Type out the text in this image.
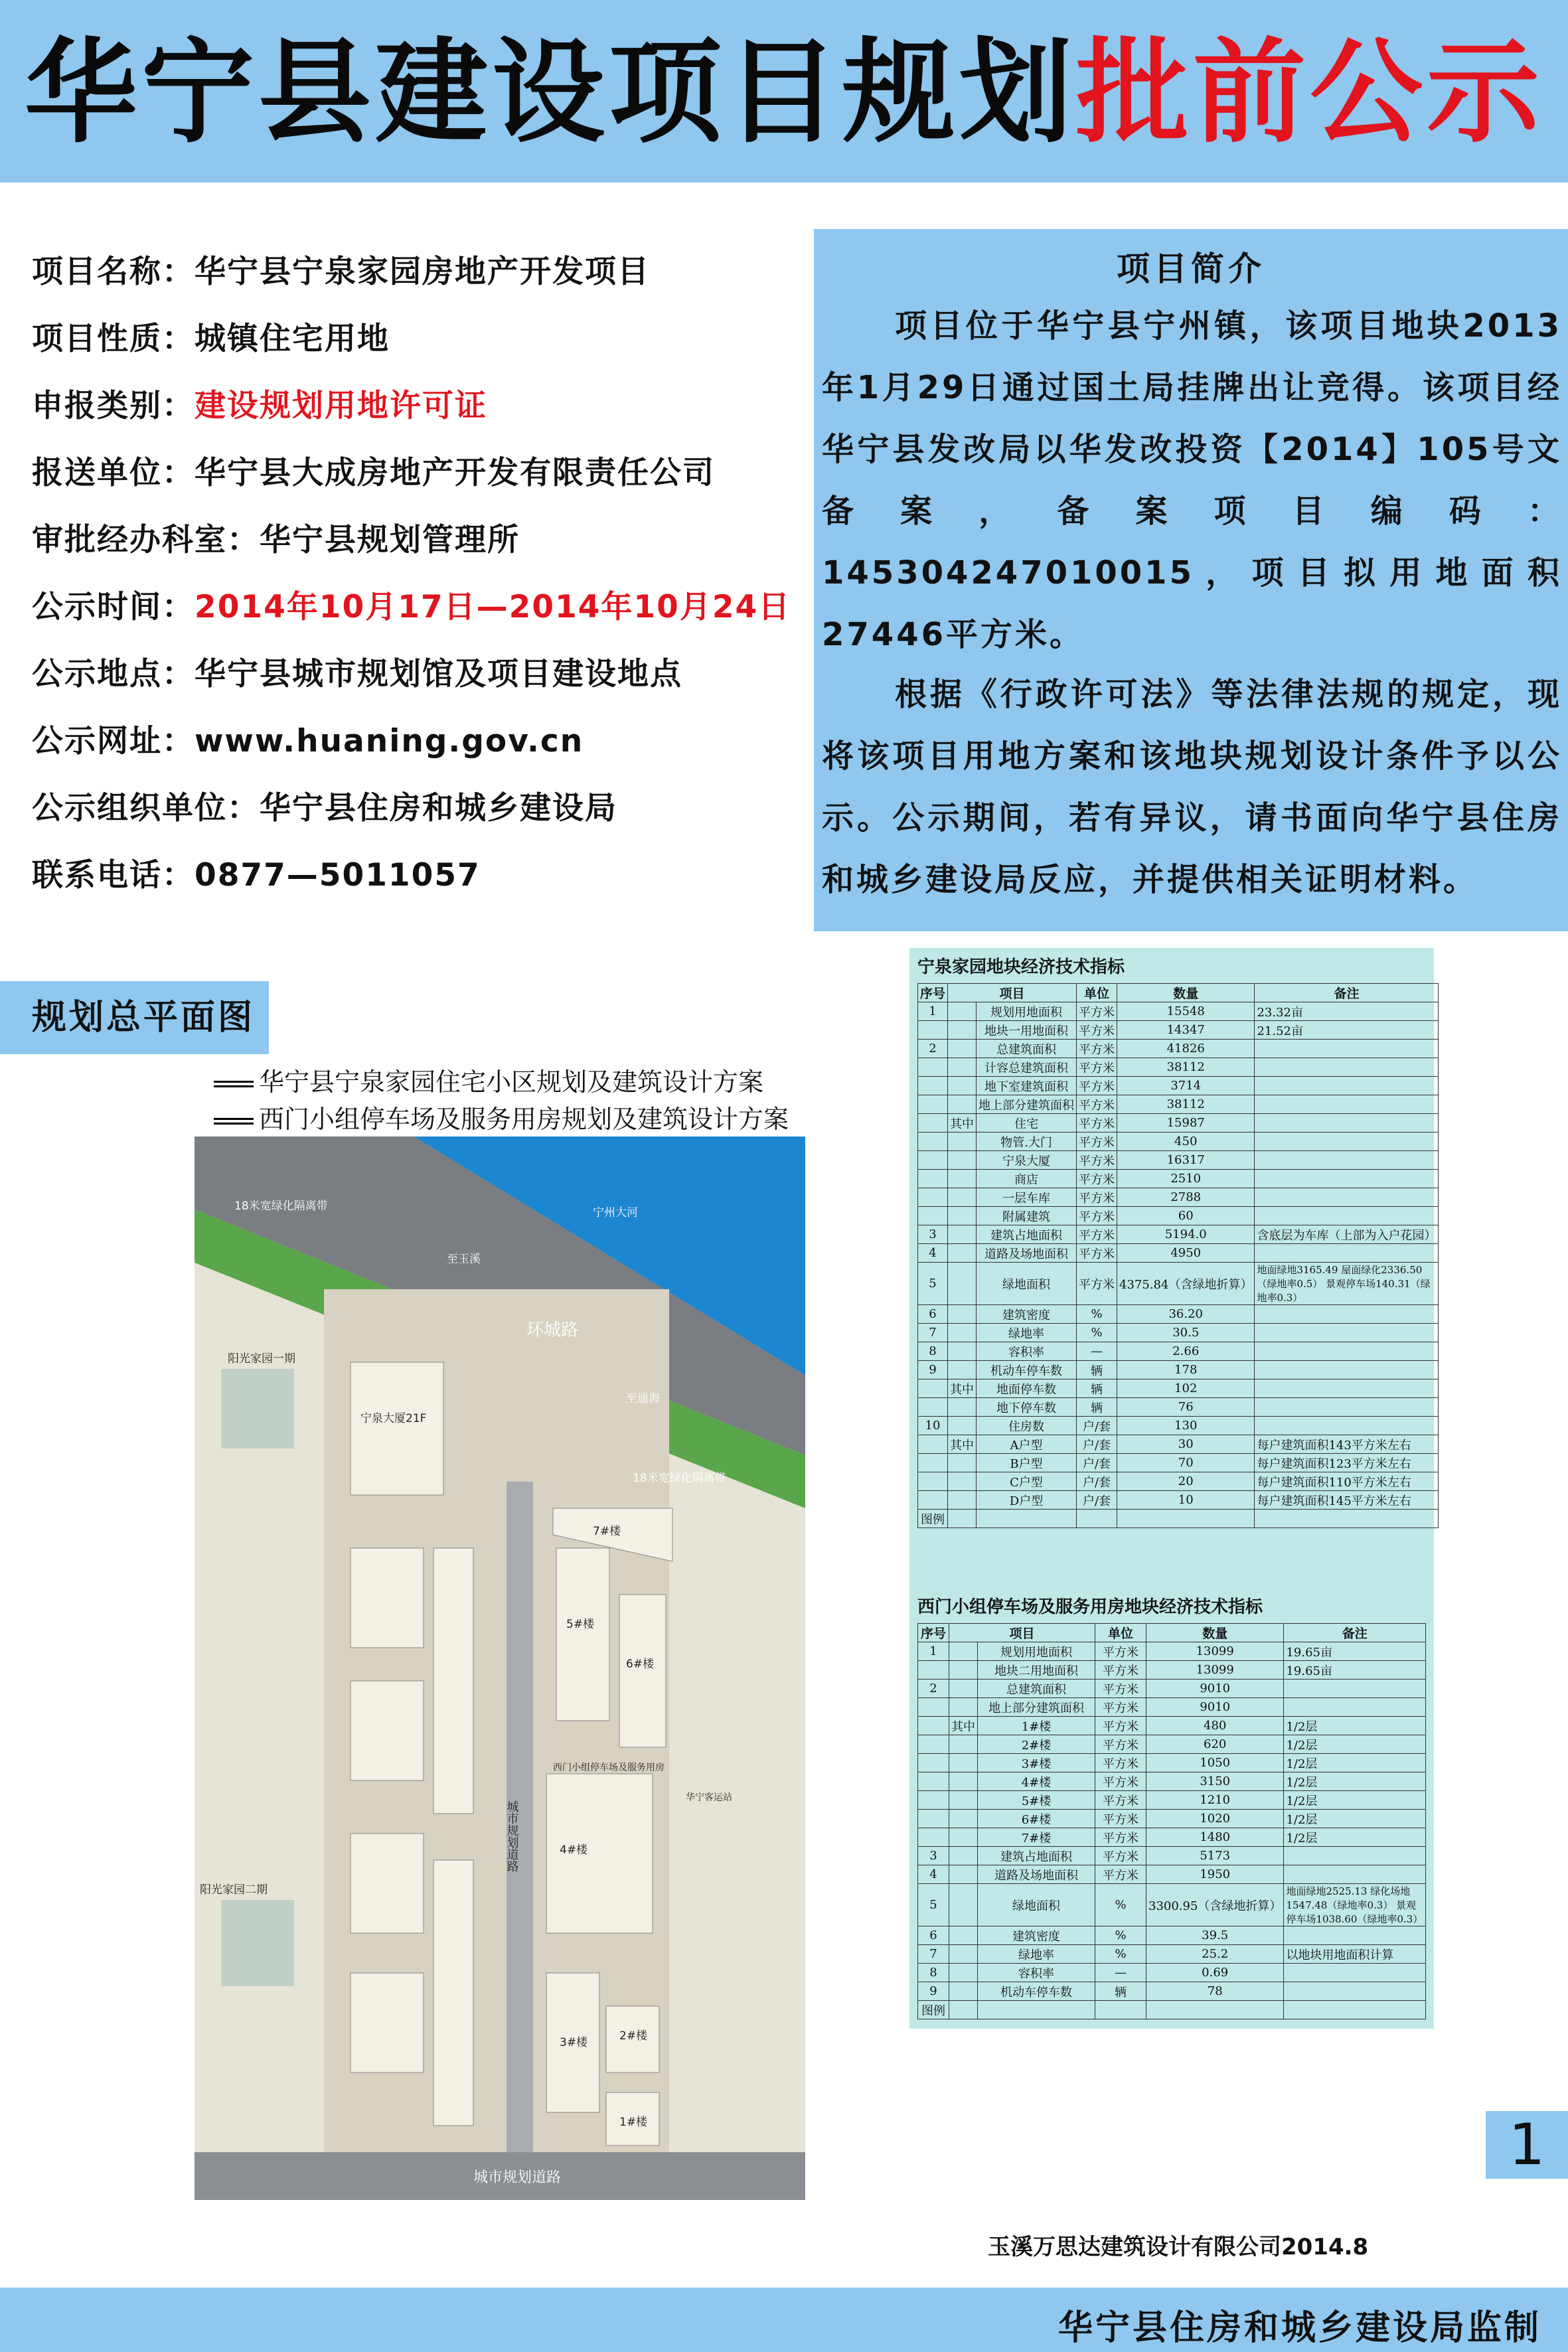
华宁县建设项目规划批前公示
项目名称：华宁县宁泉家园房地产开发项目
项目性质：城镇住宅用地
申报类别：建设规划用地许可证
报送单位：华宁县大成房地产开发有限责任公司
审批经办科室：华宁县规划管理所
公示时间：2014年10月17日—2014年10月24日
公示地点：华宁县城市规划馆及项目建设地点
公示网址：www.huaning.gov.cn
公示组织单位：华宁县住房和城乡建设局
联系电话：0877—5011057
项目简介
项目位于华宁县宁州镇，该项目地块2013年1月29日通过国土局挂牌出让竞得。该项目经华宁县发改局以华发改投资【2014】105号文备案，备案项目编码：145304247010015，项目拟用地面积27446平方米。
根据《行政许可法》等法律法规的规定，现将该项目用地方案和该地块规划设计条件予以公示。公示期间，若有异议，请书面向华宁县住房和城乡建设局反应，并提供相关证明材料。
规划总平面图
华宁县宁泉家园住宅小区规划及建筑设计方案
西门小组停车场及服务用房规划及建筑设计方案
宁州大河
18米宽绿化隔离带
18米宽绿化隔离带
环城路
至玉溪
至通海
城市规划道路
城市规划道路
宁泉大厦21F
1#楼
2#楼
3#楼
4#楼
5#楼
6#楼
7#楼
阳光家园一期
阳光家园二期
西门小组停车场及服务用房
华宁客运站
宁泉家园地块经济技术指标
序号	项目		单位	数量	备注
1		规划用地面积	平方米	15548	23.32亩
		地块一用地面积	平方米	14347	21.52亩
2		总建筑面积	平方米	41826	
		计容总建筑面积	平方米	38112	
		地下室建筑面积	平方米	3714	
		地上部分建筑面积	平方米	38112	
	其中	住宅	平方米	15987	
		物管.大门	平方米	450	
		宁泉大厦	平方米	16317	
		商店	平方米	2510	
		一层车库	平方米	2788	
		附属建筑	平方米	60	
3		建筑占地面积	平方米	5194.0	含底层为车库（上部为入户花园）
4		道路及场地面积	平方米	4950	
5		绿地面积	平方米	4375.84（含绿地折算）	地面绿地3165.49 屋面绿化2336.50（绿地率0.5） 景观停车场140.31（绿地率0.3）
6		建筑密度	%	36.20	
7		绿地率	%	30.5	
8		容积率	—	2.66	
9		机动车停车数	辆	178	
	其中	地面停车数	辆	102	
		地下停车数	辆	76	
10		住房数	户/套	130	
	其中	A户型	户/套	30	每户建筑面积143平方米左右
		B户型	户/套	70	每户建筑面积123平方米左右
		C户型	户/套	20	每户建筑面积110平方米左右
		D户型	户/套	10	每户建筑面积145平方米左右
图例					
西门小组停车场及服务用房地块经济技术指标
序号	项目		单位	数量	备注
1		规划用地面积	平方米	13099	19.65亩
		地块二用地面积	平方米	13099	19.65亩
2		总建筑面积	平方米	9010	
		地上部分建筑面积	平方米	9010	
	其中	1#楼	平方米	480	1/2层
		2#楼	平方米	620	1/2层
		3#楼	平方米	1050	1/2层
		4#楼	平方米	3150	1/2层
		5#楼	平方米	1210	1/2层
		6#楼	平方米	1020	1/2层
		7#楼	平方米	1480	1/2层
3		建筑占地面积	平方米	5173	
4		道路及场地面积	平方米	1950	
5		绿地面积	%	3300.95（含绿地折算）	地面绿地2525.13 绿化场地1547.48（绿地率0.3） 景观停车场1038.60（绿地率0.3）
6		建筑密度	%	39.5	
7		绿地率	%	25.2	以地块用地面积计算
8		容积率	—	0.69	
9		机动车停车数	辆	78	
图例					
1
玉溪万思达建筑设计有限公司2014.8
华宁县住房和城乡建设局监制
